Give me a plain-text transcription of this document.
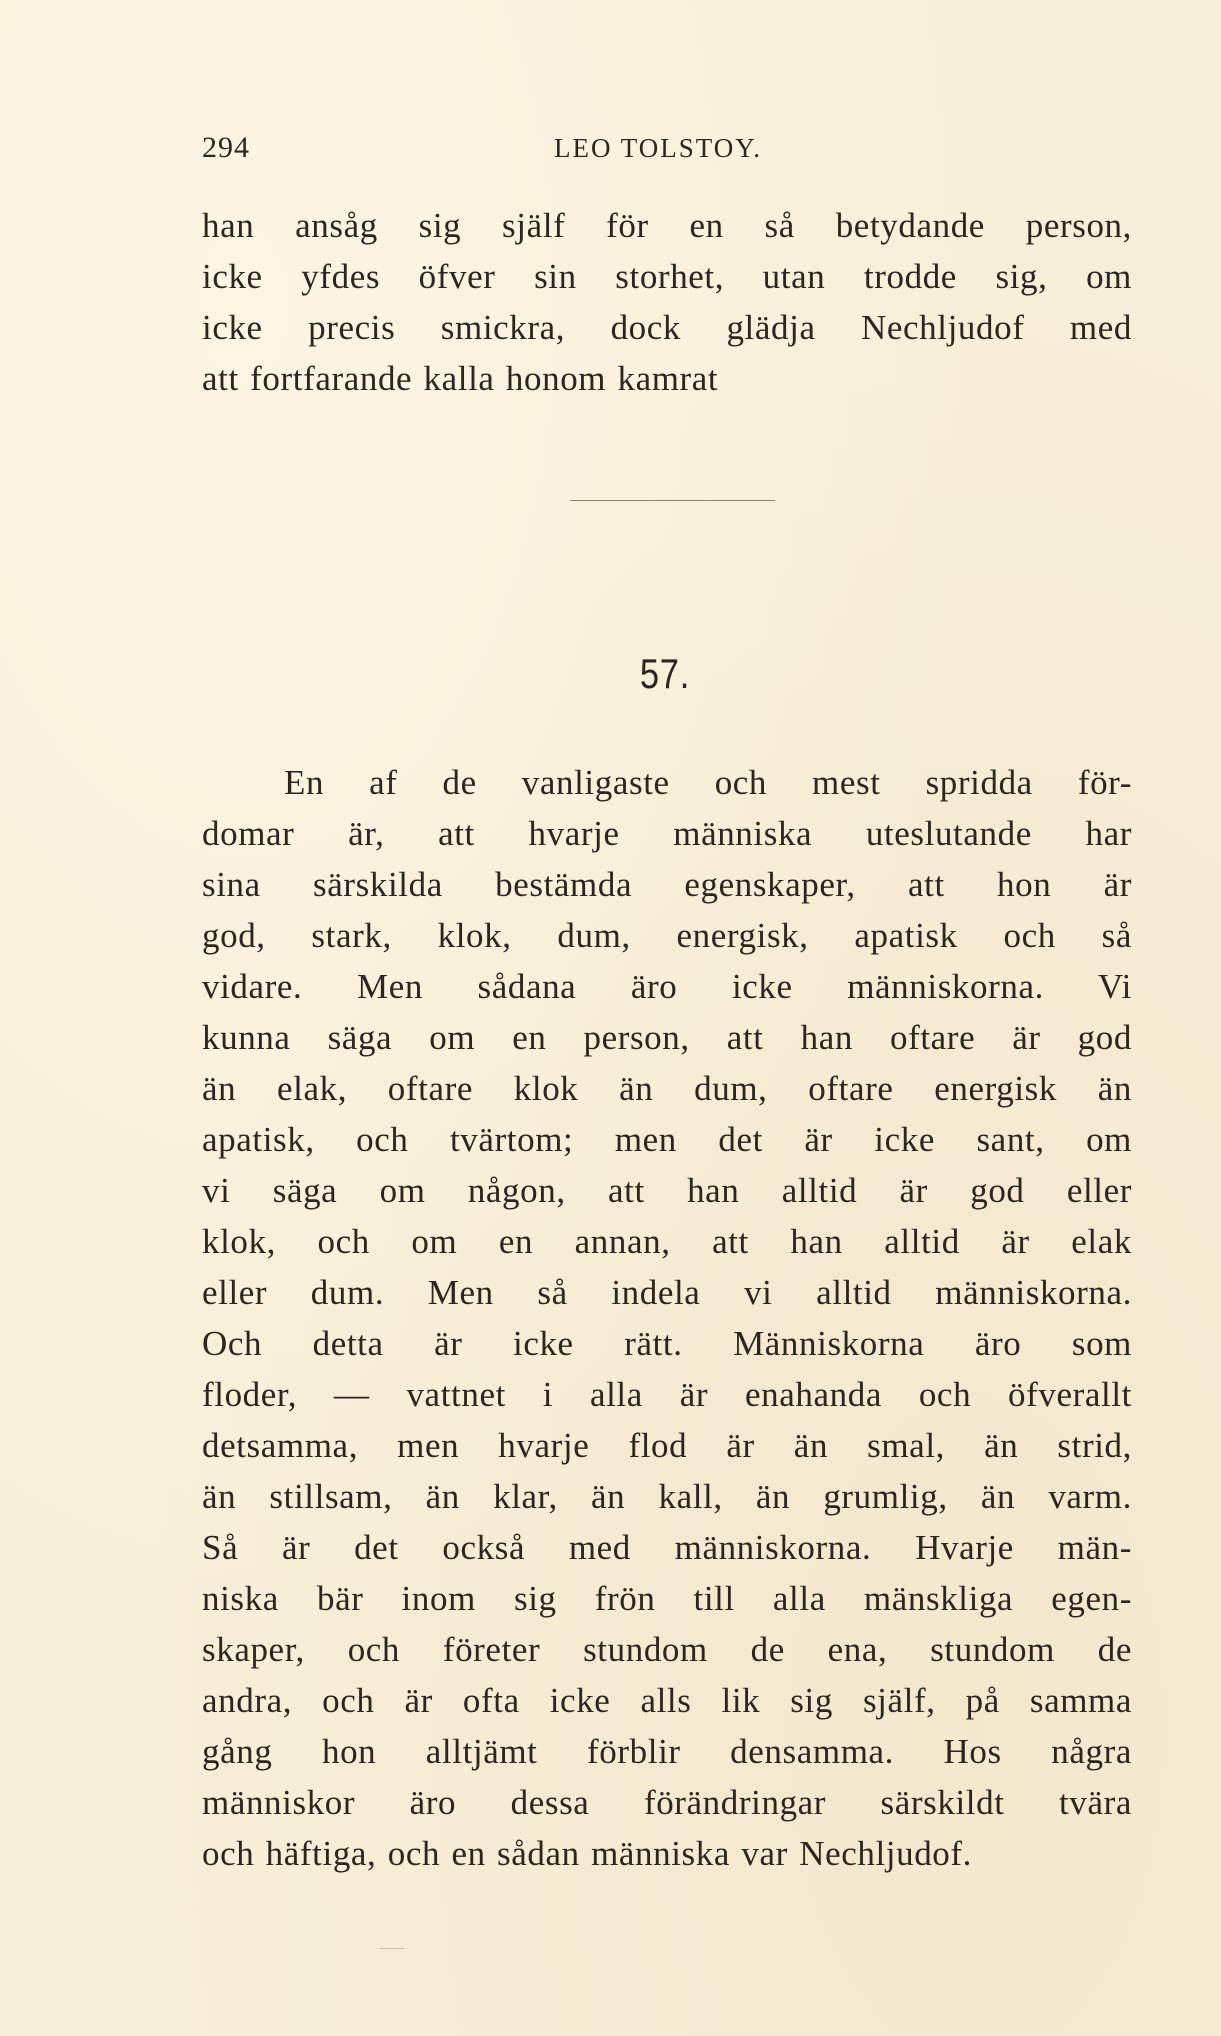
294	LEO TOLSTOY.
han ansåg sig själf för en så betydande person,
icke yfdes öfver sin storhet, utan trodde sig, om
icke precis smickra, dock glädja Nechljudof med
att fortfarande kalla honom kamrat
57.
En af de vanligaste och mest spridda för-
domar är, att hvarje människa uteslutande har
sina särskilda bestämda egenskaper, att hon är
god, stark, klok, dum, energisk, apatisk och så
vidare. Men sådana äro icke människorna. Vi
kunna säga om en person, att han oftare är god
än elak, oftare klok än dum, oftare energisk än
apatisk, och tvärtom; men det är icke sant, om
vi säga om någon, att han alltid är god eller
klok, och om en annan, att han alltid är elak
eller dum. Men så indela vi alltid människorna.
Och detta är icke rätt. Människorna äro som
floder, — vattnet i alla är enahanda och öfverallt
detsamma, men hvarje flod är än smal, än strid,
än stillsam, än klar, än kall, än grumlig, än varm.
Så är det också med människorna. Hvarje män-
niska bär inom sig frön till alla mänskliga egen-
skaper, och företer stundom de ena, stundom de
andra, och är ofta icke alls lik sig själf, på samma
gång hon alltjämt förblir densamma. Hos några
människor äro dessa förändringar särskildt tvära
och häftiga, och en sådan människa var Nechljudof.
